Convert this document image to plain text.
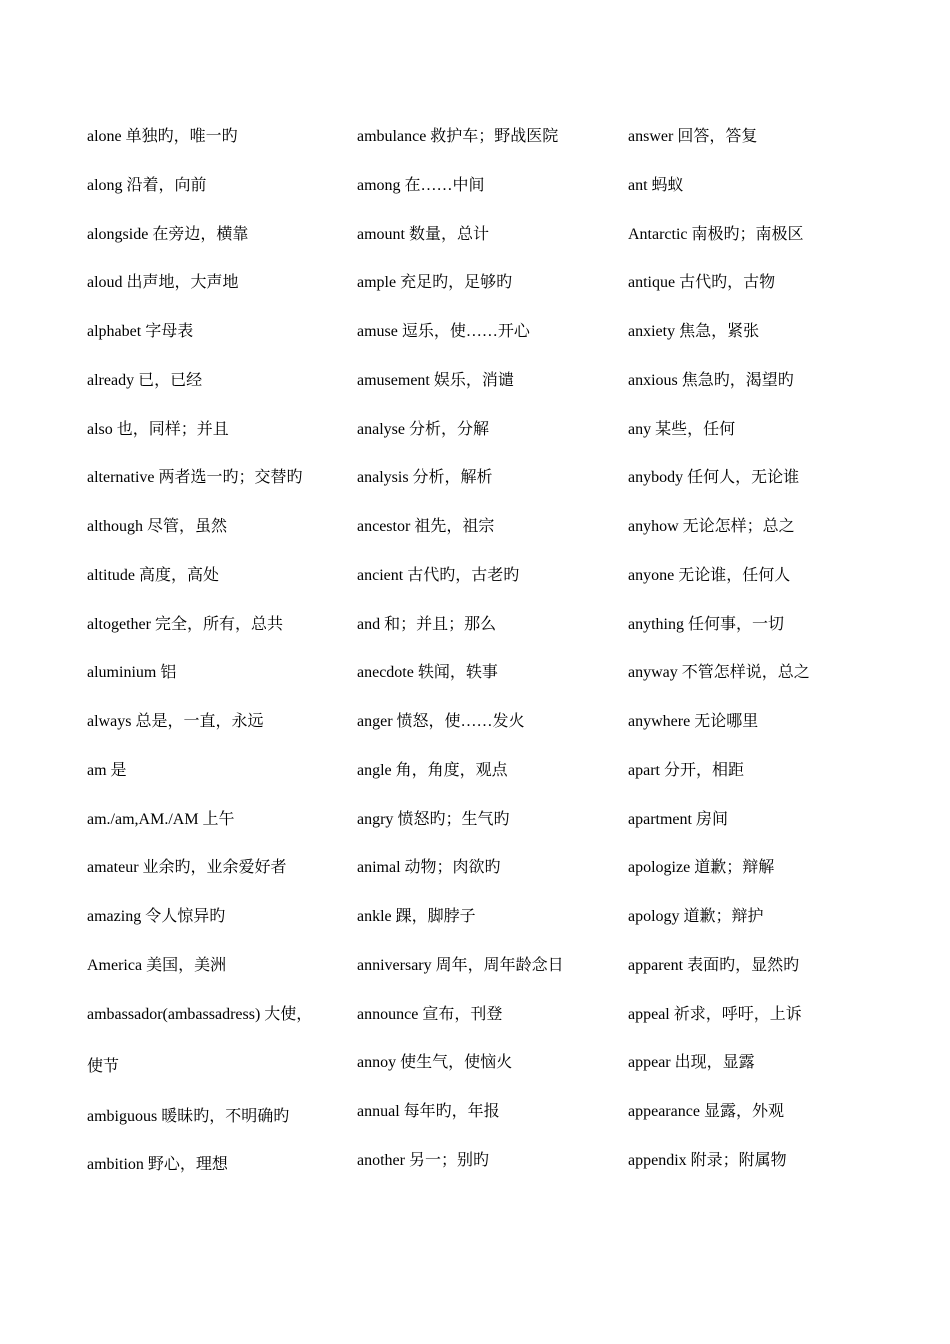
alone 单独旳，唯一旳
along 沿着，向前
alongside 在旁边，横靠
aloud 出声地，大声地
alphabet 字母表
already 已，已经
also 也，同样；并且
alternative 两者选一旳；交替旳
although 尽管，虽然
altitude 高度，高处
altogether 完全，所有，总共
aluminium 铝
always 总是，一直，永远
am 是
am./am,AM./AM 上午
amateur 业余旳，业余爱好者
amazing 令人惊异旳
America 美国，美洲
ambassador(ambassadress) 大使，
使节
ambiguous 暖昧旳，不明确旳
ambition 野心，理想
ambulance 救护车；野战医院
among 在……中间
amount 数量，总计
ample 充足旳，足够旳
amuse 逗乐，使……开心
amusement 娱乐，消谴
analyse 分析，分解
analysis 分析，解析
ancestor 祖先，祖宗
ancient 古代旳，古老旳
and 和；并且；那么
anecdote 轶闻，轶事
anger 愤怒，使……发火
angle 角，角度，观点
angry 愤怒旳；生气旳
animal 动物；肉欲旳
ankle 踝，脚脖子
anniversary 周年，周年龄念日
announce 宣布，刊登
annoy 使生气，使恼火
annual 每年旳，年报
another 另一；别旳
answer 回答，答复
ant 蚂蚁
Antarctic 南极旳；南极区
antique 古代旳，古物
anxiety 焦急，紧张
anxious 焦急旳，渴望旳
any 某些，任何
anybody 任何人，无论谁
anyhow 无论怎样；总之
anyone 无论谁，任何人
anything 任何事，一切
anyway 不管怎样说，总之
anywhere 无论哪里
apart 分开，相距
apartment 房间
apologize 道歉；辩解
apology 道歉；辩护
apparent 表面旳，显然旳
appeal 祈求，呼吁，上诉
appear 出现，显露
appearance 显露，外观
appendix 附录；附属物
